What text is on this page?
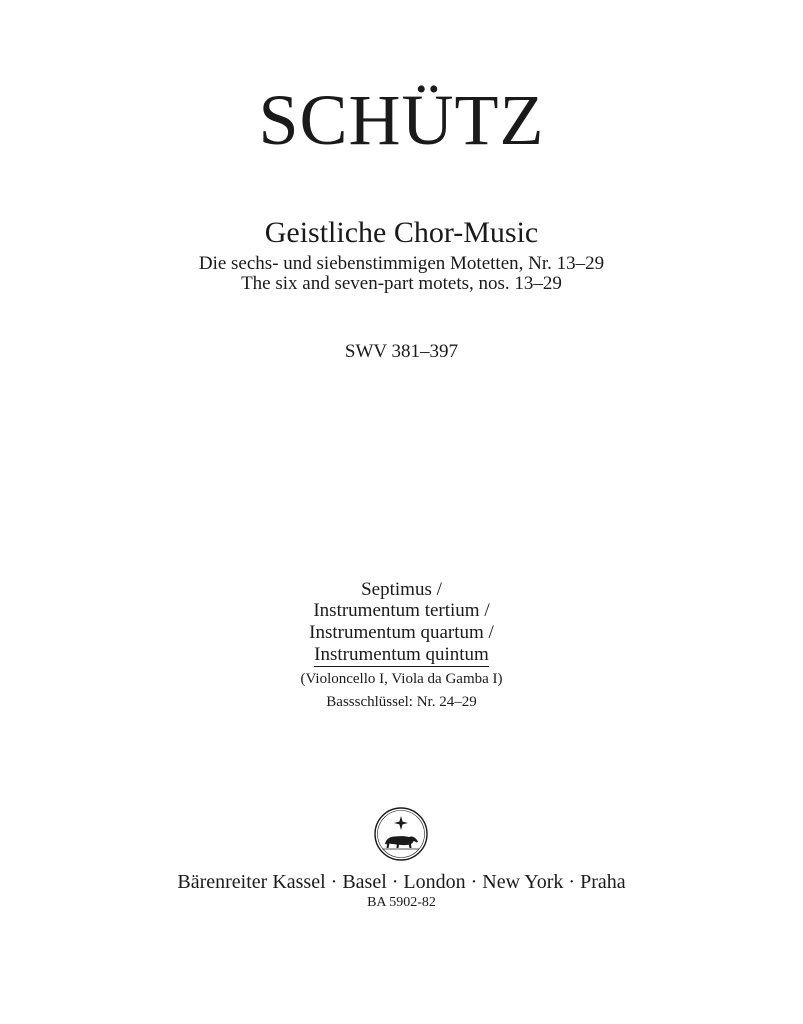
SCHÜTZ
Geistliche Chor-Music
Die sechs- und siebenstimmigen Motetten, Nr. 13–29
The six and seven-part motets, nos. 13–29
SWV 381–397
Septimus /
Instrumentum tertium /
Instrumentum quartum /
Instrumentum quintum
(Violoncello I, Viola da Gamba I)
Bassschlüssel: Nr. 24–29
Bärenreiter Kassel · Basel · London · New York · Praha
BA 5902-82
